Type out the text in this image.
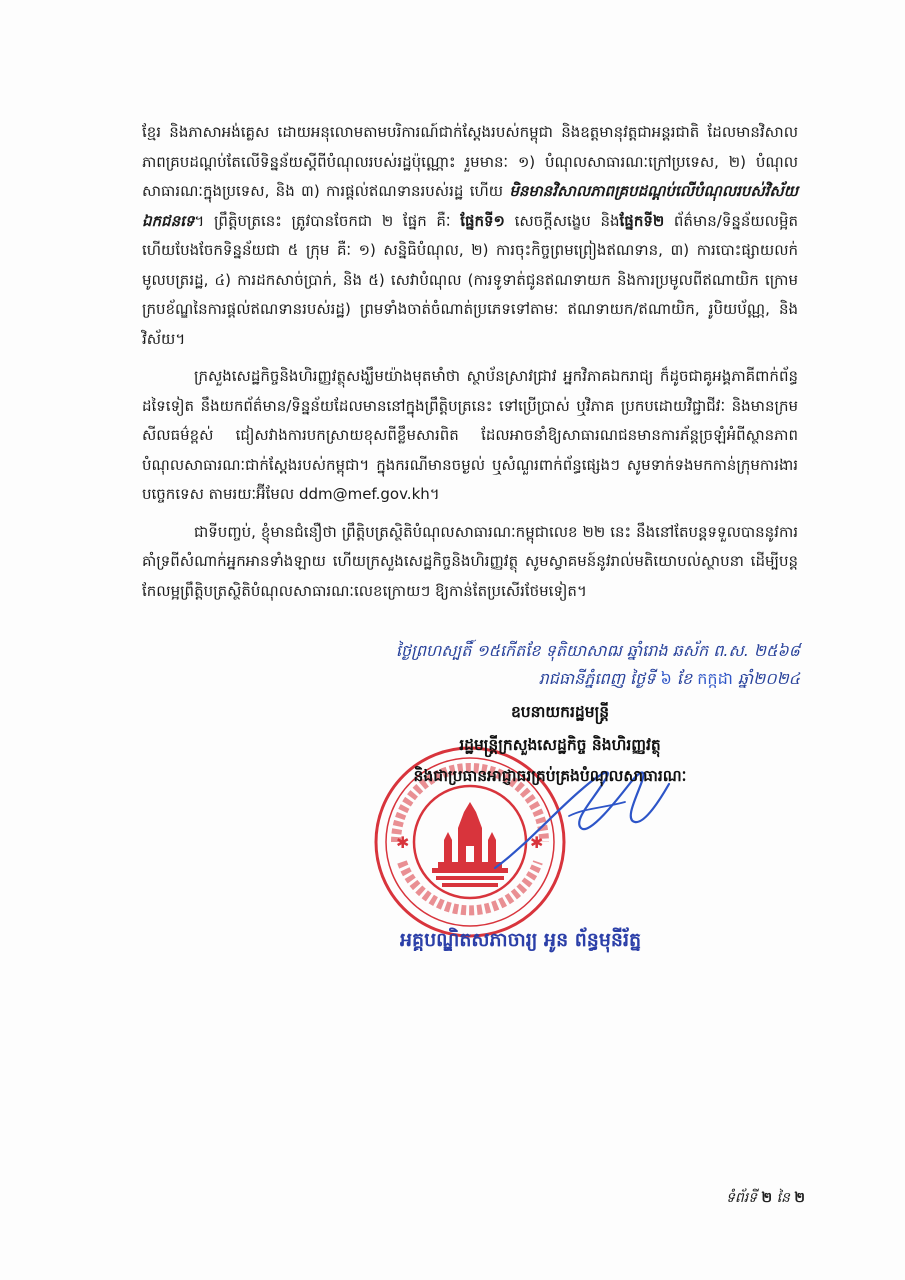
ខ្មែរ និងភាសាអង់គ្លេស ដោយអនុលោមតាមបរិការណ៍ជាក់ស្តែងរបស់កម្ពុជា និងឧត្តមានុវត្តជាអន្តរជាតិ ដែលមានវិសាលភាពគ្របដណ្តប់តែលើទិន្នន័យស្តីពីបំណុលរបស់រដ្ឋប៉ុណ្ណោះ រួមមានៈ ១) បំណុលសាធារណៈក្រៅប្រទេស, ២) បំណុលសាធារណៈក្នុងប្រទេស, និង ៣) ការផ្តល់ឥណទានរបស់រដ្ឋ ហើយ មិនមានវិសាលភាពគ្របដណ្តប់លើបំណុលរបស់វិស័យឯកជនទេ។ ព្រឹត្តិបត្រនេះ ត្រូវបានចែកជា ២ ផ្នែក គឺៈ ផ្នែកទី១ សេចក្តីសង្ខេប និងផ្នែកទី២ ព័ត៌មាន/ទិន្នន័យលម្អិត ហើយបែងចែកទិន្នន័យជា ៥ ក្រុម គឺៈ ១) សន្និធិបំណុល, ២) ការចុះកិច្ចព្រមព្រៀងឥណទាន, ៣) ការបោះផ្សាយលក់មូលបត្ររដ្ឋ, ៤) ការដកសាច់ប្រាក់, និង ៥) សេវាបំណុល (ការទូទាត់ជូនឥណទាយក និងការប្រមូលពីឥណាយិក ក្រោមក្របខ័ណ្ឌនៃការផ្តល់ឥណទានរបស់រដ្ឋ) ព្រមទាំងចាត់ចំណាត់ប្រភេទទៅតាមៈ ឥណទាយក/ឥណាយិក, រូបិយប័ណ្ណ, និងវិស័យ។

ក្រសួងសេដ្ឋកិច្ចនិងហិរញ្ញវត្ថុសង្ឃឹមយ៉ាងមុតមាំថា ស្ថាប័នស្រាវជ្រាវ អ្នកវិភាគឯករាជ្យ ក៏ដូចជាគូអង្គភាគីពាក់ព័ន្ធដទៃទៀត នឹងយកព័ត៌មាន/ទិន្នន័យដែលមាននៅក្នុងព្រឹត្តិបត្រនេះ ទៅប្រើប្រាស់ ឬវិភាគ ប្រកបដោយវិជ្ជាជីវៈ និងមានក្រមសីលធម៌ខ្ពស់ ជៀសវាងការបកស្រាយខុសពីខ្លឹមសារពិត ដែលអាចនាំឱ្យសាធារណជនមានការភ័ន្តច្រឡំអំពីស្ថានភាពបំណុលសាធារណៈជាក់ស្តែងរបស់កម្ពុជា។ ក្នុងករណីមានចម្ងល់ ឬសំណួរពាក់ព័ន្ធផ្សេងៗ សូមទាក់ទងមកកាន់ក្រុមការងារបច្ចេកទេស តាមរយៈអ៊ីមែល ddm@mef.gov.kh។

ជាទីបញ្ចប់, ខ្ញុំមានជំនឿថា ព្រឹត្តិបត្រស្ថិតិបំណុលសាធារណៈកម្ពុជាលេខ ២២ នេះ នឹងនៅតែបន្តទទួលបាននូវការគាំទ្រពីសំណាក់អ្នកអានទាំងឡាយ ហើយក្រសួងសេដ្ឋកិច្ចនិងហិរញ្ញវត្ថុ សូមស្វាគមន៍នូវរាល់មតិយោបល់ស្ថាបនា ដើម្បីបន្តកែលម្អព្រឹត្តិបត្រស្ថិតិបំណុលសាធារណៈលេខក្រោយៗ ឱ្យកាន់តែប្រសើរថែមទៀត។

ថ្ងៃព្រហស្បតិ៍ ១៥កើតខែ ទុតិយាសាឍ ឆ្នាំរោង ឆស័ក ព.ស. ២៥៦៨
រាជធានីភ្នំពេញ ថ្ងៃទី ៦ ខែ កក្កដា ឆ្នាំ២០២៤
✱	✱
ឧបនាយករដ្ឋមន្ត្រី
រដ្ឋមន្ត្រីក្រសួងសេដ្ឋកិច្ច និងហិរញ្ញវត្ថុ
និងជាប្រធានអាជ្ញាធរគ្រប់គ្រងបំណុលសាធារណៈ
អគ្គបណ្ឌិតសភាចារ្យ អូន ព័ន្ធមុនីរ័ត្ន
ទំព័រទី ២ នៃ ២
